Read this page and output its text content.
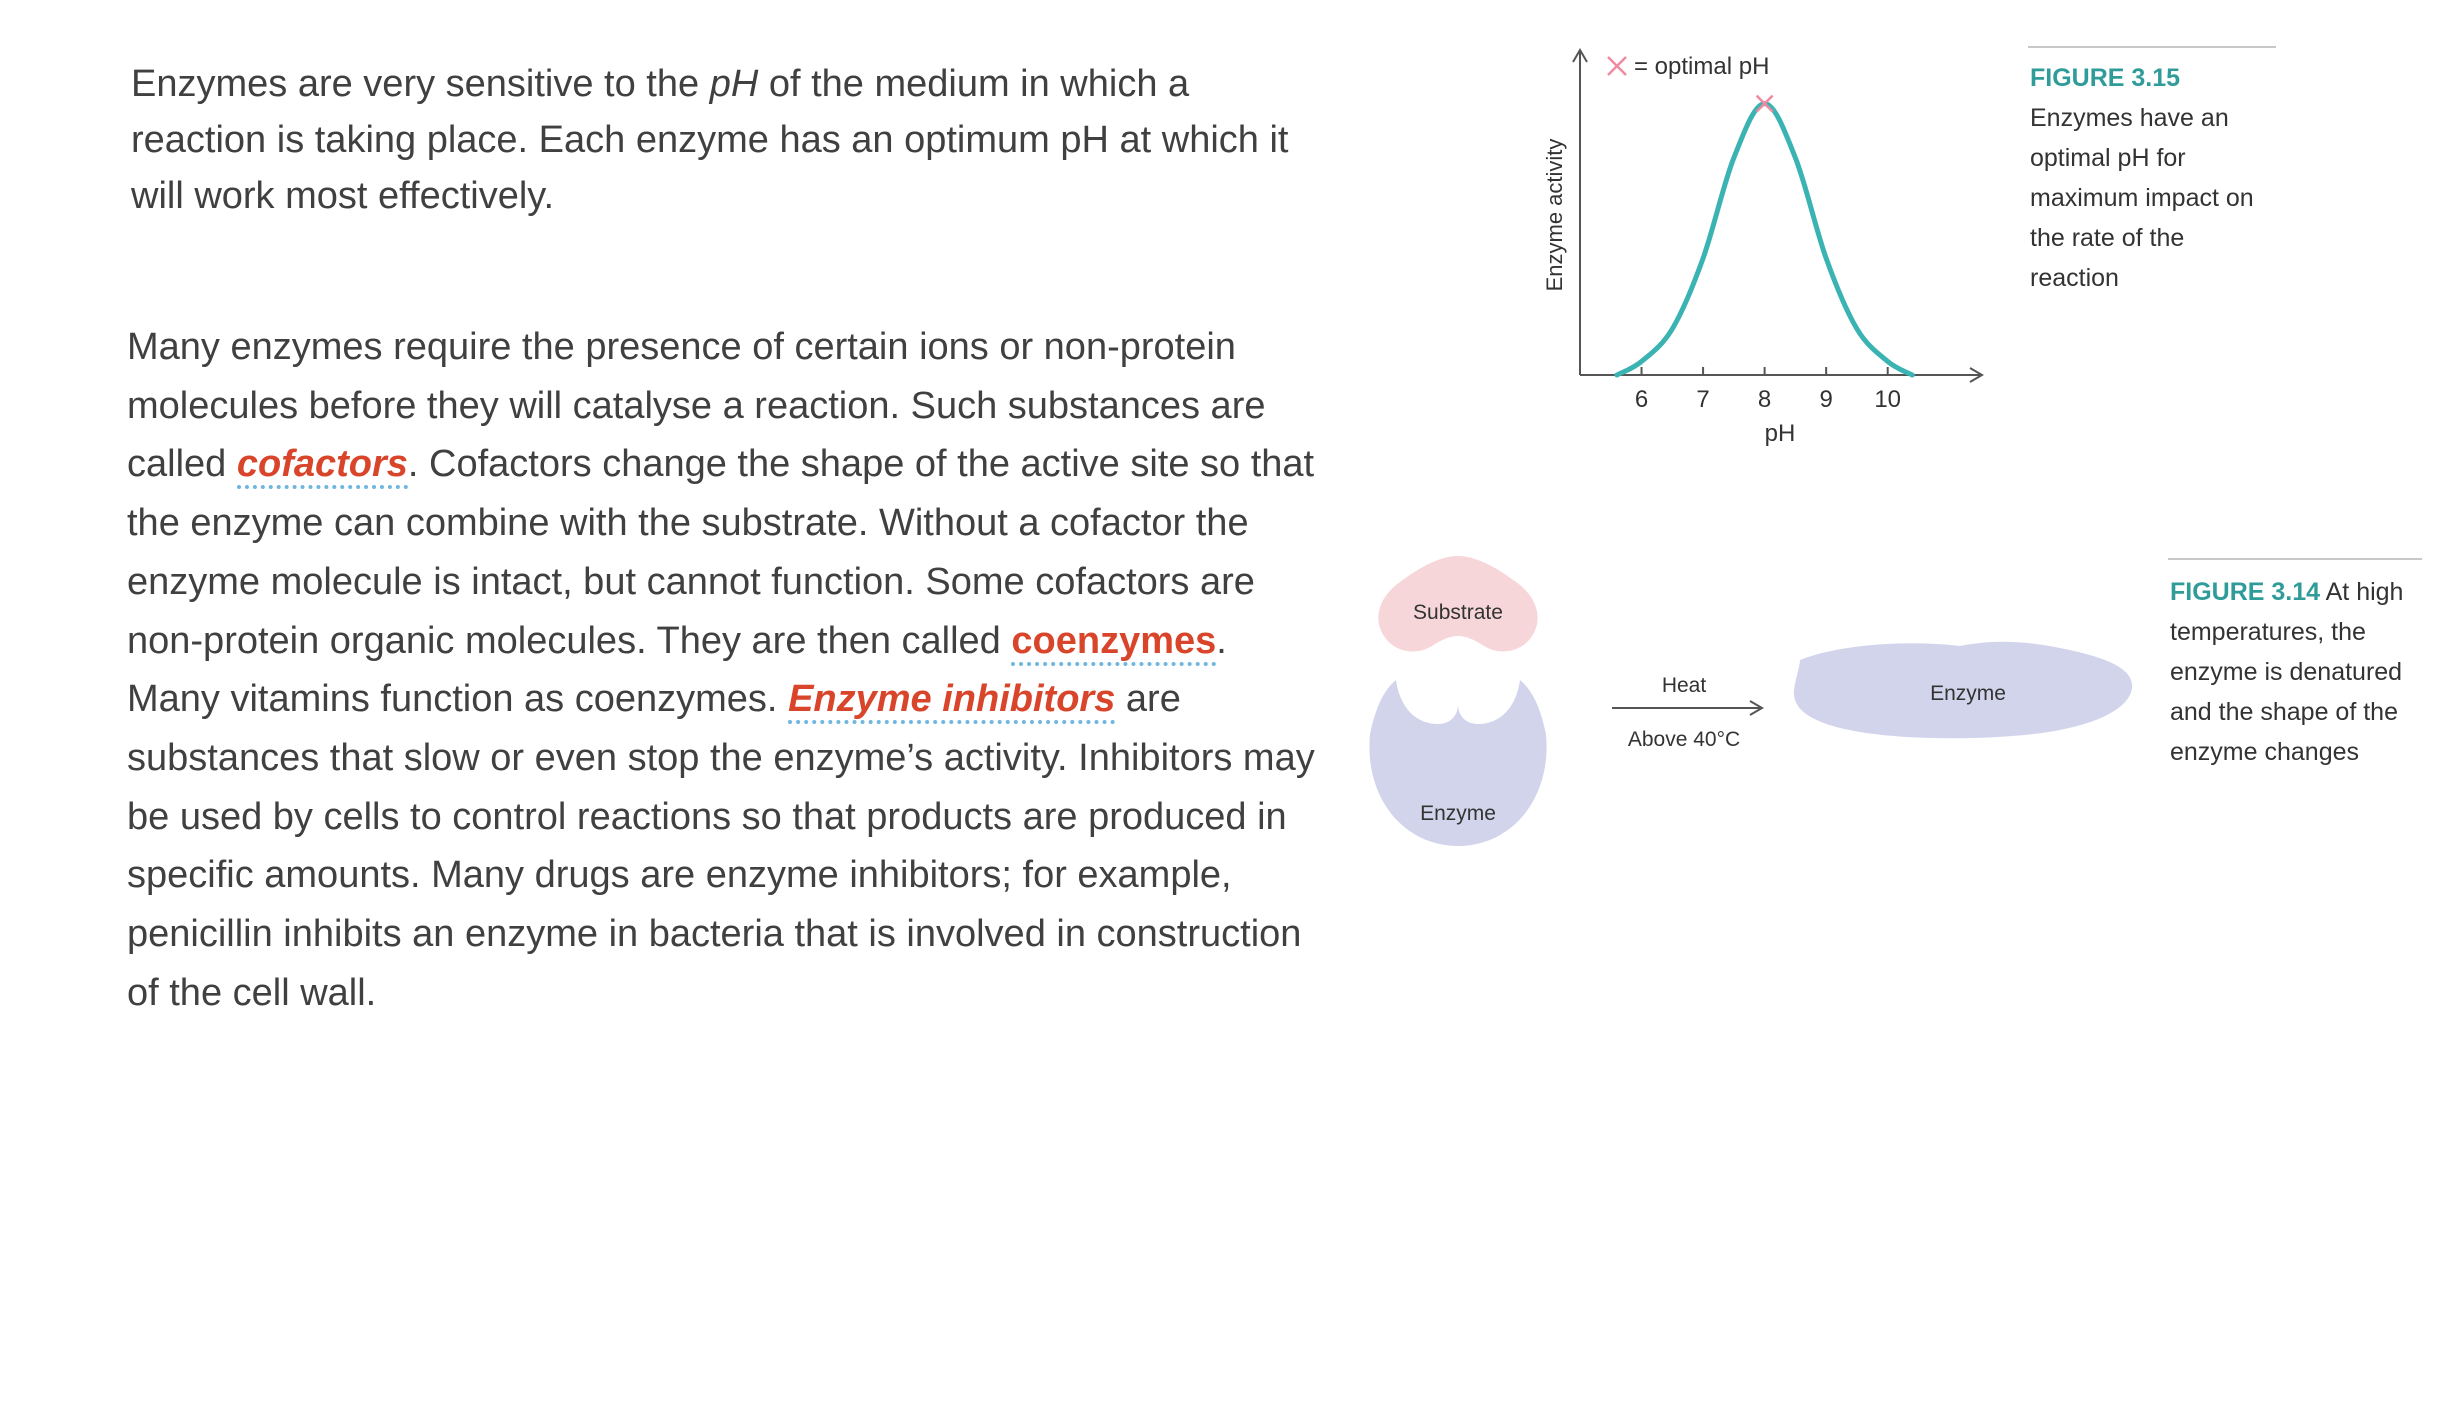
Enzymes are very sensitive to the pH of the medium in which a reaction is taking place. Each enzyme has an optimum pH at which it will work most effectively.

Many enzymes require the presence of certain ions or non-protein molecules before they will catalyse a reaction. Such substances are called cofactors. Cofactors change the shape of the active site so that the enzyme can combine with the substrate. Without a cofactor the enzyme molecule is intact, but cannot function. Some cofactors are non-protein organic molecules. They are then called coenzymes. Many vitamins function as coenzymes. Enzyme inhibitors are substances that slow or even stop the enzyme’s activity. Inhibitors may be used by cells to control reactions so that products are produced in specific amounts. Many drugs are enzyme inhibitors; for example, penicillin inhibits an enzyme in bacteria that is involved in construction of the cell wall.

6 7 8 9 10
= optimal pH
Enzyme activity
pH
FIGURE 3.15
Enzymes have an optimal pH for maximum impact on the rate of the reaction
Substrate
Enzyme
Heat
Above 40°C
Enzyme
FIGURE 3.14 At high temperatures, the enzyme is denatured and the shape of the enzyme changes
